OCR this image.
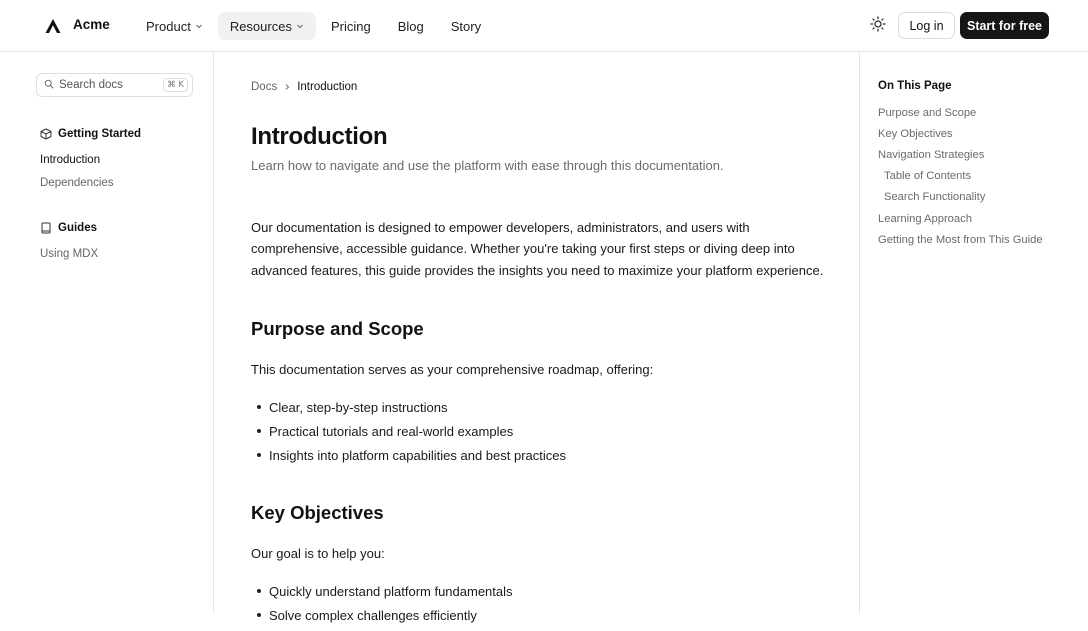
Acme	Product	Resources	Pricing Blog Story	Log in	Start for free
Search docs	⌘ K
Getting Started
Introduction
Dependencies
Guides
Using MDX
Docs Introduction
Introduction
Learn how to navigate and use the platform with ease through this documentation.

Our documentation is designed to empower developers, administrators, and users with comprehensive, accessible guidance. Whether you're taking your first steps or diving deep into advanced features, this guide provides the insights you need to maximize your platform experience.

Purpose and Scope

This documentation serves as your comprehensive roadmap, offering:

Clear, step-by-step instructions
Practical tutorials and real-world examples
Insights into platform capabilities and best practices
Key Objectives

Our goal is to help you:

Quickly understand platform fundamentals
Solve complex challenges efficiently
On This Page
Purpose and Scope
Key Objectives
Navigation Strategies
Table of Contents
Search Functionality
Learning Approach
Getting the Most from This Guide
